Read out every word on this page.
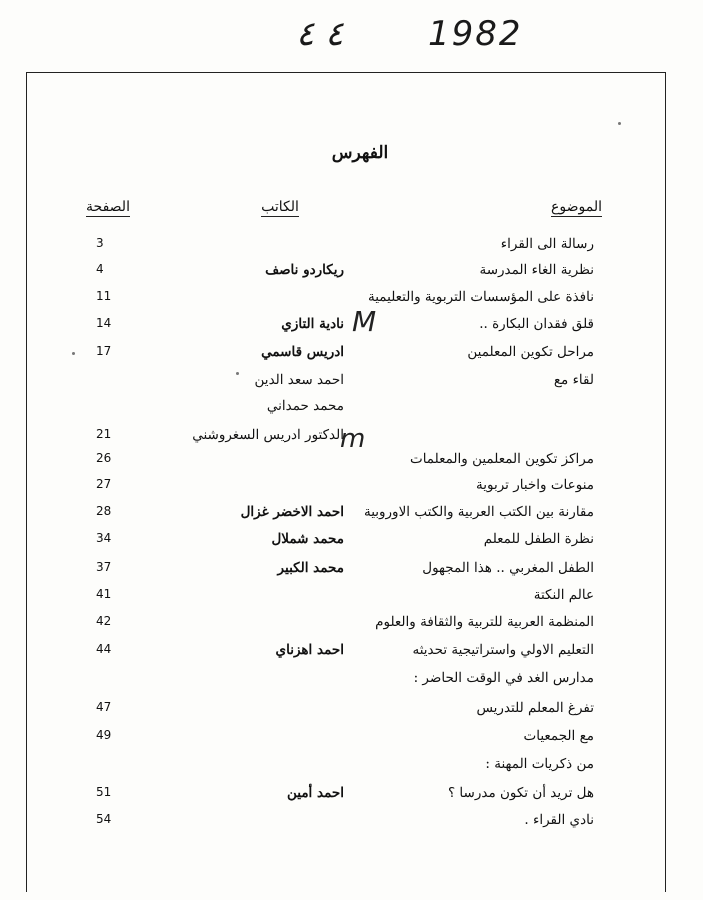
٤ ٤ 1982
الفهرس
الموضوع
الكاتب
الصفحة
رسالة الى القراء
3
نظرية الغاء المدرسة
ريكاردو ناصف
4
نافذة على المؤسسات التربوية والتعليمية
11
قلق فقدان البكارة ..
نادية التازي
14
مراحل تكوين المعلمين
ادريس قاسمي
17
لقاء مع
احمد سعد الدين
محمد حمداني
الدكتور ادريس السغروشني
21
مراكز تكوين المعلمين والمعلمات
26
منوعات واخبار تربوية
27
مقارنة بين الكتب العربية والكتب الاوروبية
احمد الاخضر غزال
28
نظرة الطفل للمعلم
محمد شملال
34
الطفل المغربي .. هذا المجهول
محمد الكبير
37
عالم النكتة
41
المنظمة العربية للتربية والثقافة والعلوم
42
التعليم الاولي واستراتيجية تحديثه
احمد اهزناي
44
مدارس الغد في الوقت الحاضر :
تفرغ المعلم للتدريس
47
مع الجمعيات
49
من ذكريات المهنة :
هل تريد أن تكون مدرسا ؟
احمد أمين
51
نادي القراء .
54
M
m
